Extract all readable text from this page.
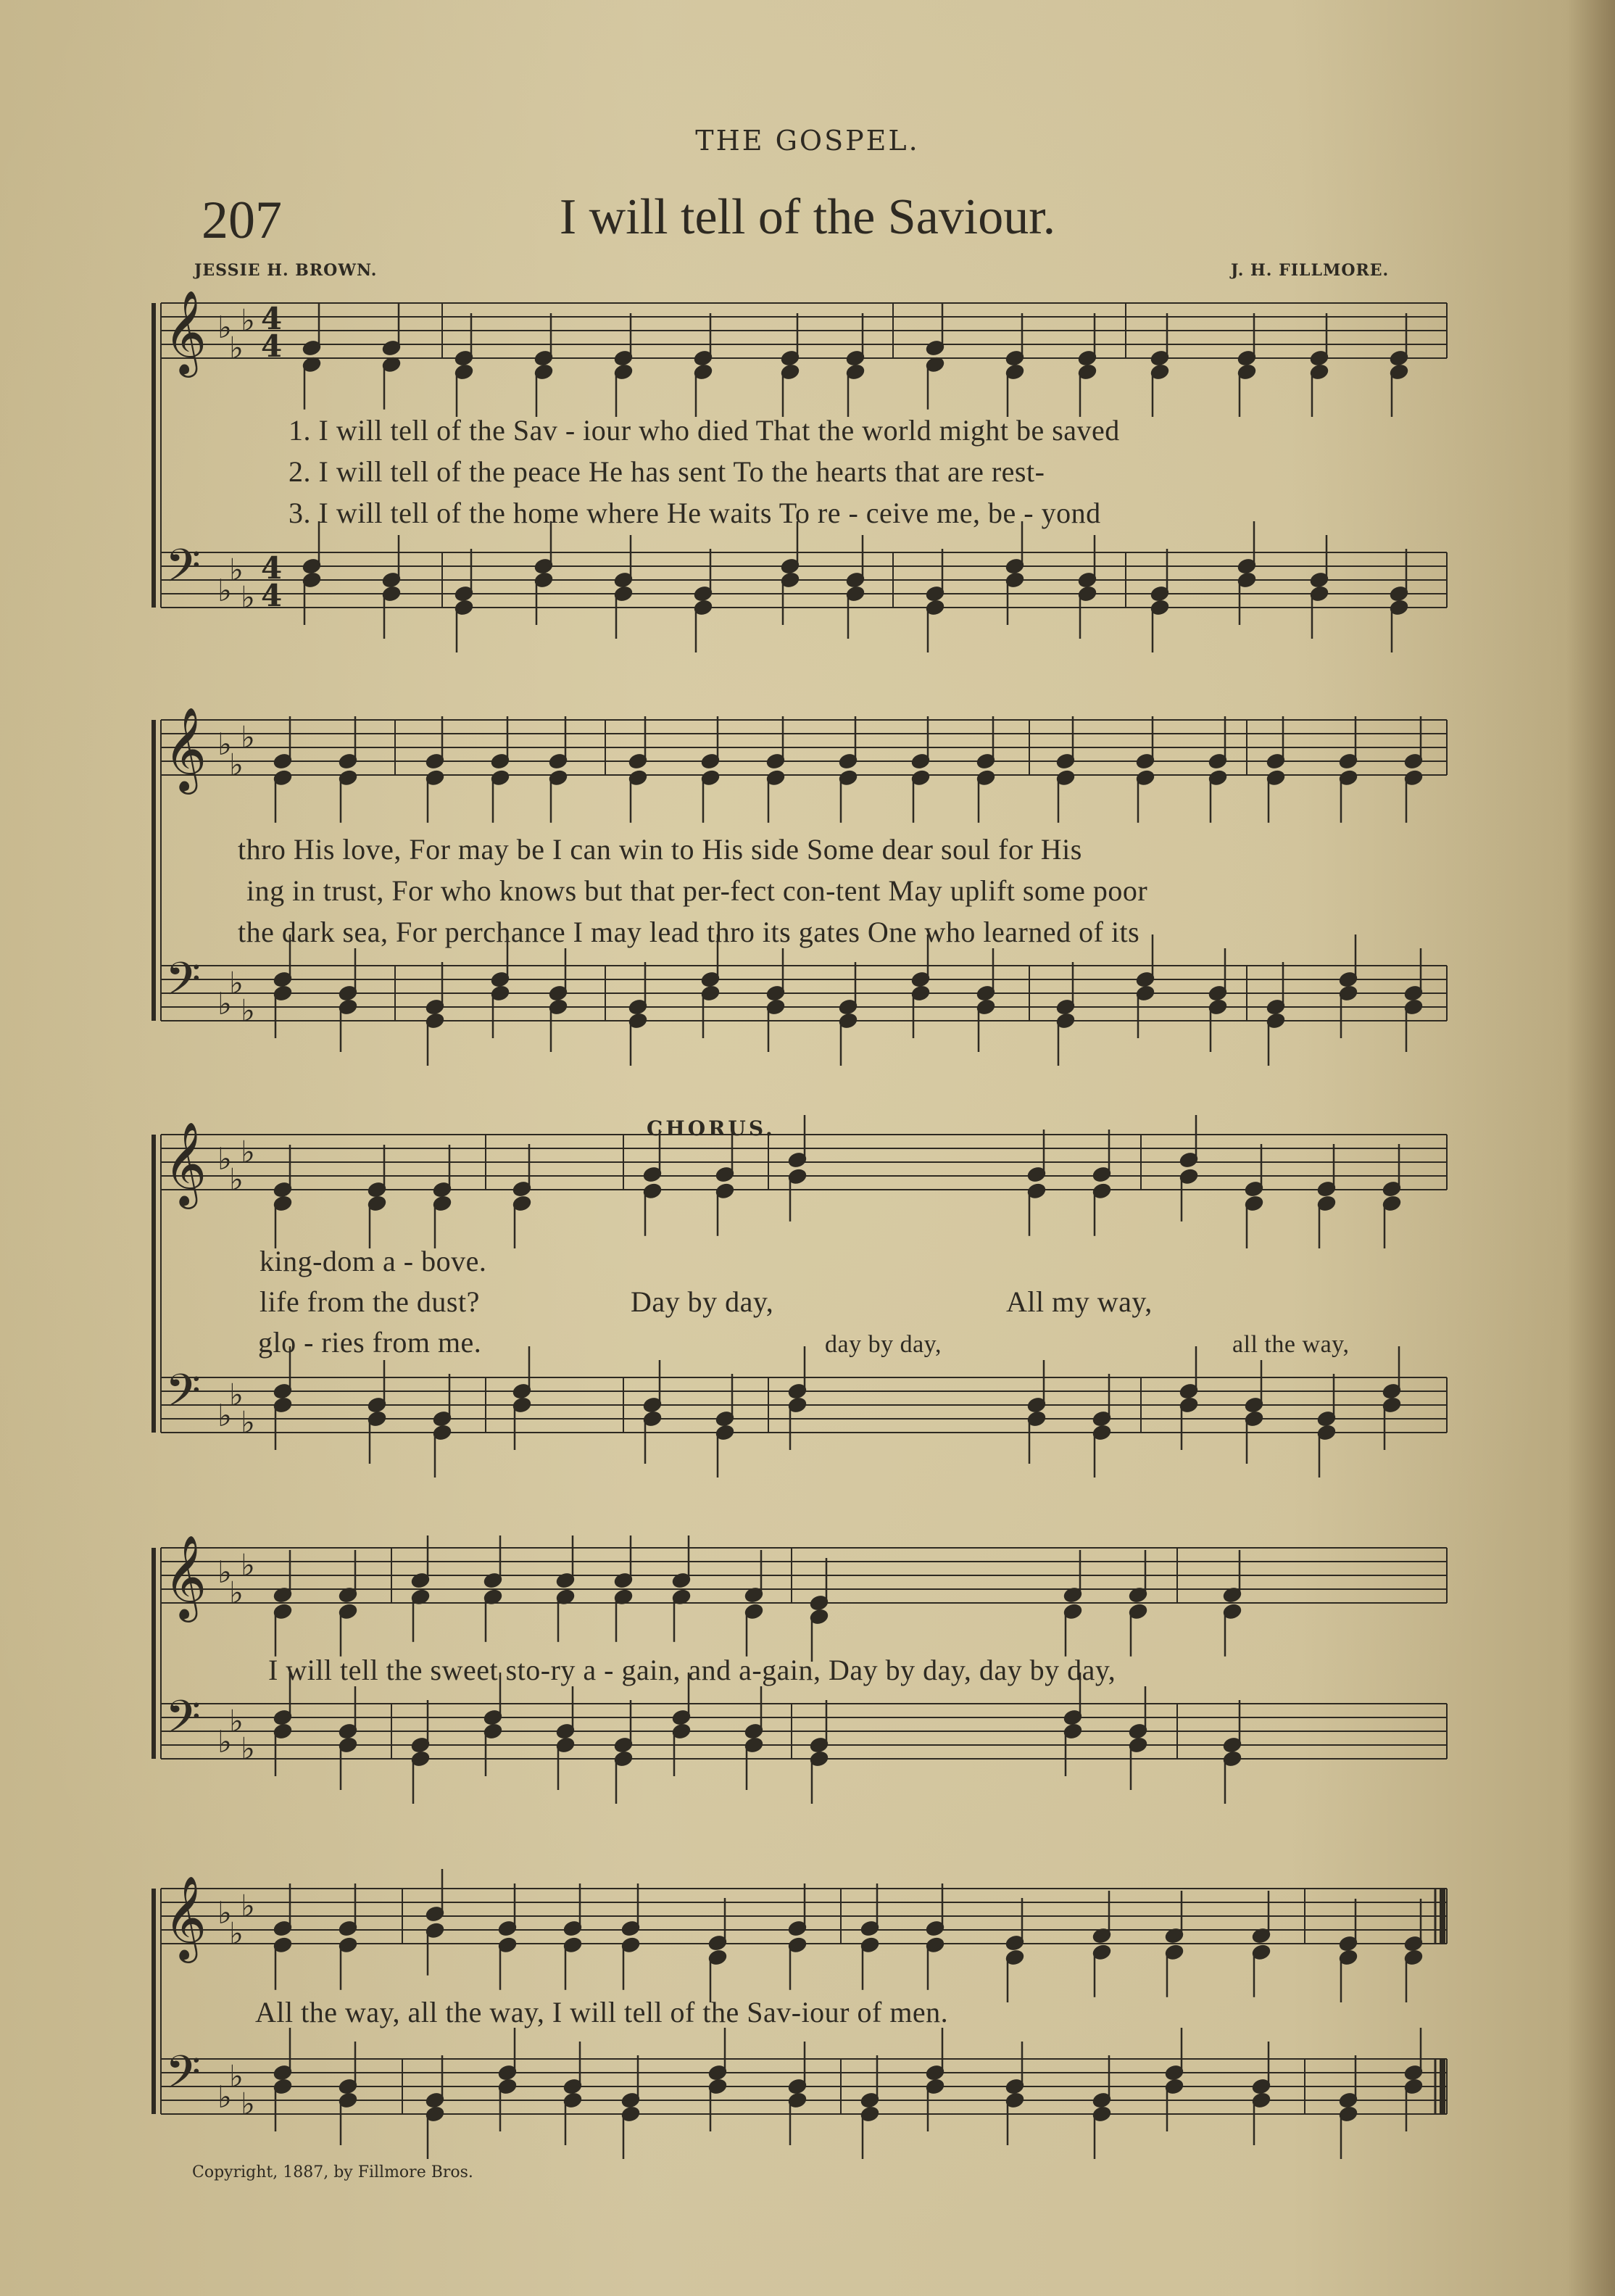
THE GOSPEL.
207	I will tell of the Saviour.
JESSIE H. BROWN.	J. H. FILLMORE.
𝄞
𝄢
♭
♭
♭
♭
♭
♭
4
4
4
4
𝄞
𝄢
♭
♭
♭
♭
♭
♭
𝄞
𝄢
♭
♭
♭
♭
♭
♭
𝄞
𝄢
♭
♭
♭
♭
♭
♭
𝄞
𝄢
♭
♭
♭
♭
♭
♭
1. I will tell of the Sav - iour who died That the world might be saved
2. I will tell of the peace He has sent To the hearts that are rest-
3. I will tell of the home where He waits To re - ceive me, be - yond
thro His love, For may be I can win to His side Some dear soul for His
ing in trust, For who knows but that per-fect con-tent May uplift some poor
the dark sea, For perchance I may lead thro its gates One who learned of its
CHORUS.
king-dom a - bove.
life from the dust?	Day by day,	All my way,
glo - ries from me.	day by day,	all the way,
I will tell the sweet sto-ry a - gain, and a-gain, Day by day, day by day,
All the way, all the way, I will tell of the Sav-iour of men.
Copyright, 1887, by Fillmore Bros.
